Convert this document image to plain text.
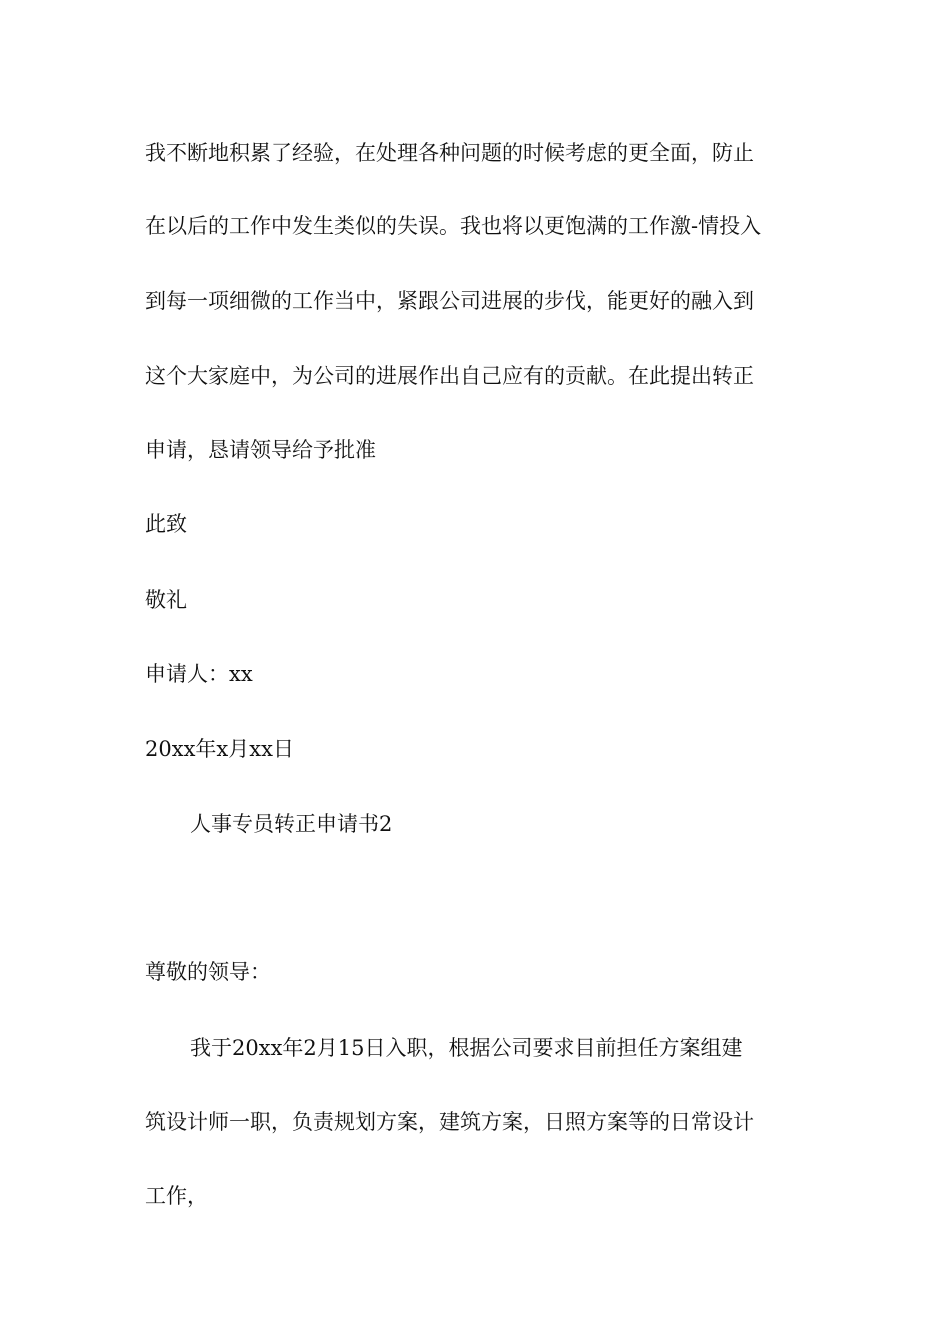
我不断地积累了经验，在处理各种问题的时候考虑的更全面，防止
在以后的工作中发生类似的失误。我也将以更饱满的工作激-情投入
到每一项细微的工作当中，紧跟公司进展的步伐，能更好的融入到
这个大家庭中，为公司的进展作出自己应有的贡献。在此提出转正
申请，恳请领导给予批准
此致
敬礼
申请人：xx
20xx年x月xx日
人事专员转正申请书2
尊敬的领导：
我于20xx年2月15日入职，根据公司要求目前担任方案组建
筑设计师一职，负责规划方案，建筑方案，日照方案等的日常设计
工作，
